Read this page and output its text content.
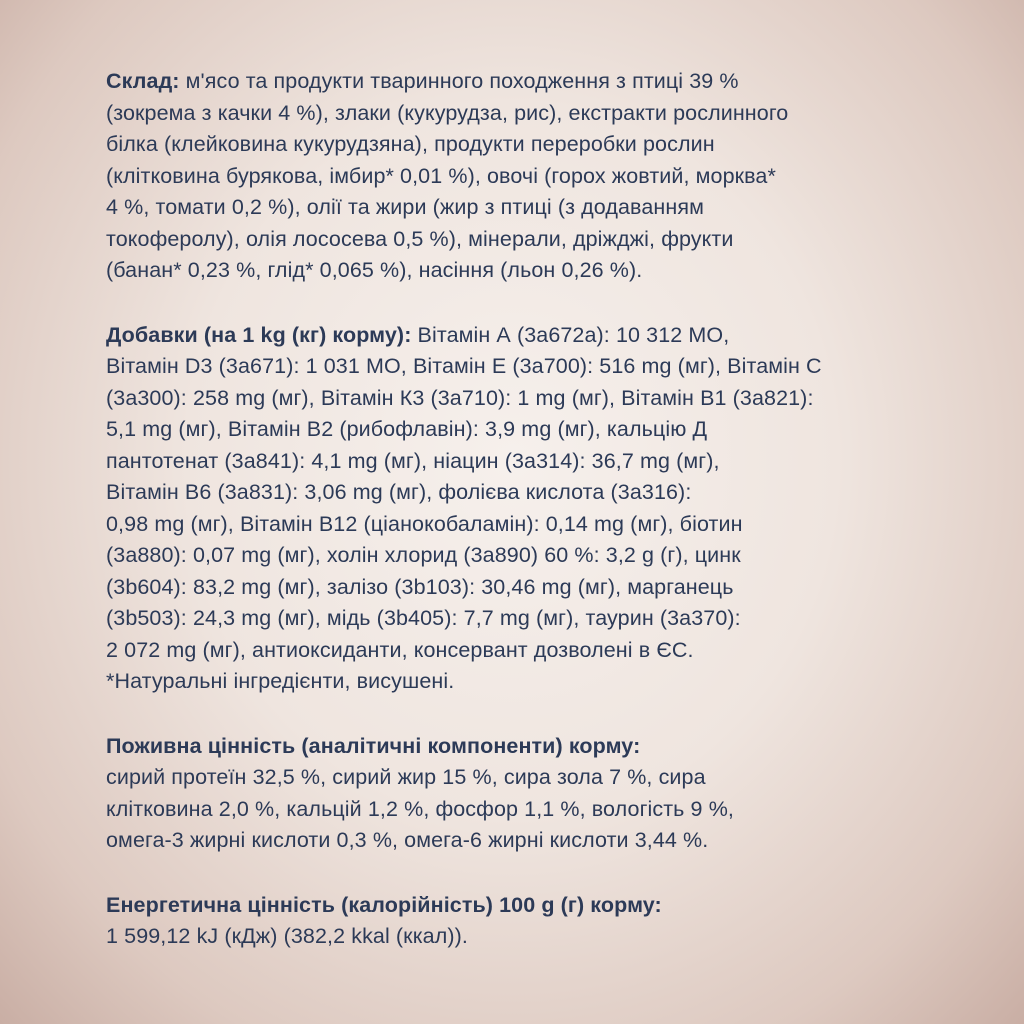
Склад: м'ясо та продукти тваринного походження з птиці 39 %
(зокрема з качки 4 %), злаки (кукурудза, рис), екстракти рослинного
білка (клейковина кукурудзяна), продукти переробки рослин
(клітковина бурякова, імбир* 0,01 %), овочі (горох жовтий, морква*
4 %, томати 0,2 %), олії та жири (жир з птиці (з додаванням
токоферолу), олія лососева 0,5 %), мінерали, дріжджі, фрукти
(банан* 0,23 %, глід* 0,065 %), насіння (льон 0,26 %).

Добавки (на 1 kg (кг) корму): Вітамін А (3a672a): 10 312 МО,
Вітамін D3 (3a671): 1 031 МО, Вітамін Е (3a700): 516 mg (мг), Вітамін С
(3a300): 258 mg (мг), Вітамін К3 (3a710): 1 mg (мг), Вітамін В1 (3a821):
5,1 mg (мг), Вітамін В2 (рибофлавін): 3,9 mg (мг), кальцію Д
пантотенат (3a841): 4,1 mg (мг), ніацин (3a314): 36,7 mg (мг),
Вітамін В6 (3a831): 3,06 mg (мг), фолієва кислота (3a316):
0,98 mg (мг), Вітамін В12 (ціанокобаламін): 0,14 mg (мг), біотин
(3a880): 0,07 mg (мг), холін хлорид (3a890) 60 %: 3,2 g (г), цинк
(3b604): 83,2 mg (мг), залізо (3b103): 30,46 mg (мг), марганець
(3b503): 24,3 mg (мг), мідь (3b405): 7,7 mg (мг), таурин (3a370):
2 072 mg (мг), антиоксиданти, консервант дозволені в ЄС.

*Натуральні інгредієнти, висушені.

Поживна цінність (аналітичні компоненти) корму:

сирий протеїн 32,5 %, сирий жир 15 %, сира зола 7 %, сира
клітковина 2,0 %, кальцій 1,2 %, фосфор 1,1 %, вологість 9 %,
омега-3 жирні кислоти 0,3 %, омега-6 жирні кислоти 3,44 %.

Енергетична цінність (калорійність) 100 g (г) корму:

1 599,12 kJ (кДж) (382,2 kkal (ккал)).
